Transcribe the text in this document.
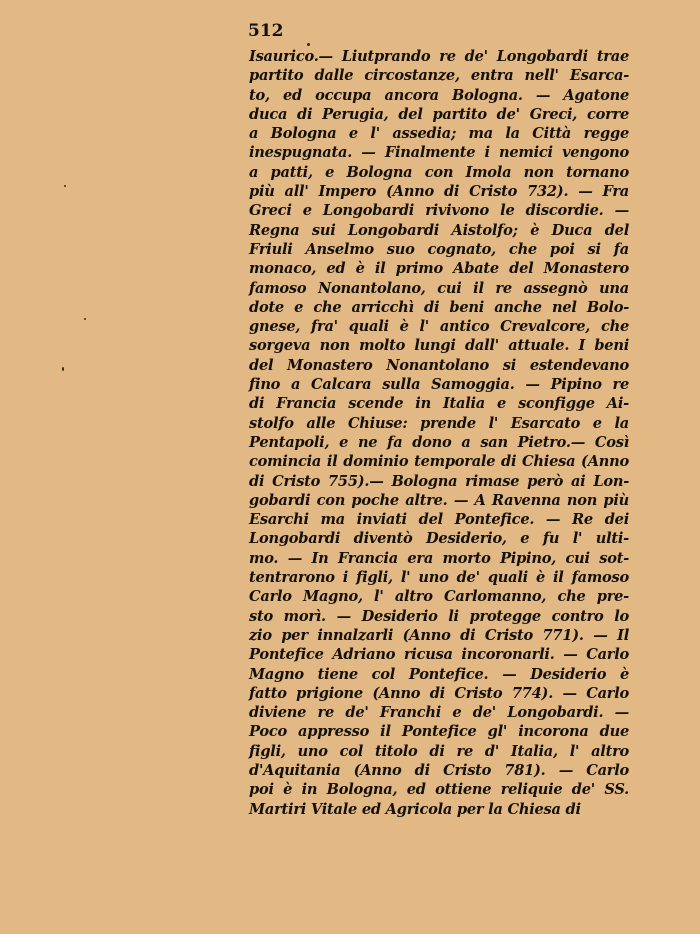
512
Isaurico.— Liutprando re de' Longobardi trae
partito dalle circostanze, entra nell' Esarca-
to, ed occupa ancora Bologna. — Agatone
duca di Perugia, del partito de' Greci, corre
a Bologna e l' assedia; ma la Città regge
inespugnata. — Finalmente i nemici vengono
a patti, e Bologna con Imola non tornano
più all' Impero (Anno di Cristo 732). — Fra
Greci e Longobardi rivivono le discordie. —
Regna sui Longobardi Aistolfo; è Duca del
Friuli Anselmo suo cognato, che poi si fa
monaco, ed è il primo Abate del Monastero
famoso Nonantolano, cui il re assegnò una
dote e che arricchì di beni anche nel Bolo-
gnese, fra' quali è l' antico Crevalcore, che
sorgeva non molto lungi dall' attuale. I beni
del Monastero Nonantolano si estendevano
fino a Calcara sulla Samoggia. — Pipino re
di Francia scende in Italia e sconfigge Ai-
stolfo alle Chiuse: prende l' Esarcato e la
Pentapoli, e ne fa dono a san Pietro.— Così
comincia il dominio temporale di Chiesa (Anno
di Cristo 755).— Bologna rimase però ai Lon-
gobardi con poche altre. — A Ravenna non più
Esarchi ma inviati del Pontefice. — Re dei
Longobardi diventò Desiderio, e fu l' ulti-
mo. — In Francia era morto Pipino, cui sot-
tentrarono i figli, l' uno de' quali è il famoso
Carlo Magno, l' altro Carlomanno, che pre-
sto morì. — Desiderio li protegge contro lo
zio per innalzarli (Anno di Cristo 771). — Il
Pontefice Adriano ricusa incoronarli. — Carlo
Magno tiene col Pontefice. — Desiderio è
fatto prigione (Anno di Cristo 774). — Carlo
diviene re de' Franchi e de' Longobardi. —
Poco appresso il Pontefice gl' incorona due
figli, uno col titolo di re d' Italia, l' altro
d'Aquitania (Anno di Cristo 781). — Carlo
poi è in Bologna, ed ottiene reliquie de' SS.
Martiri Vitale ed Agricola per la Chiesa di
